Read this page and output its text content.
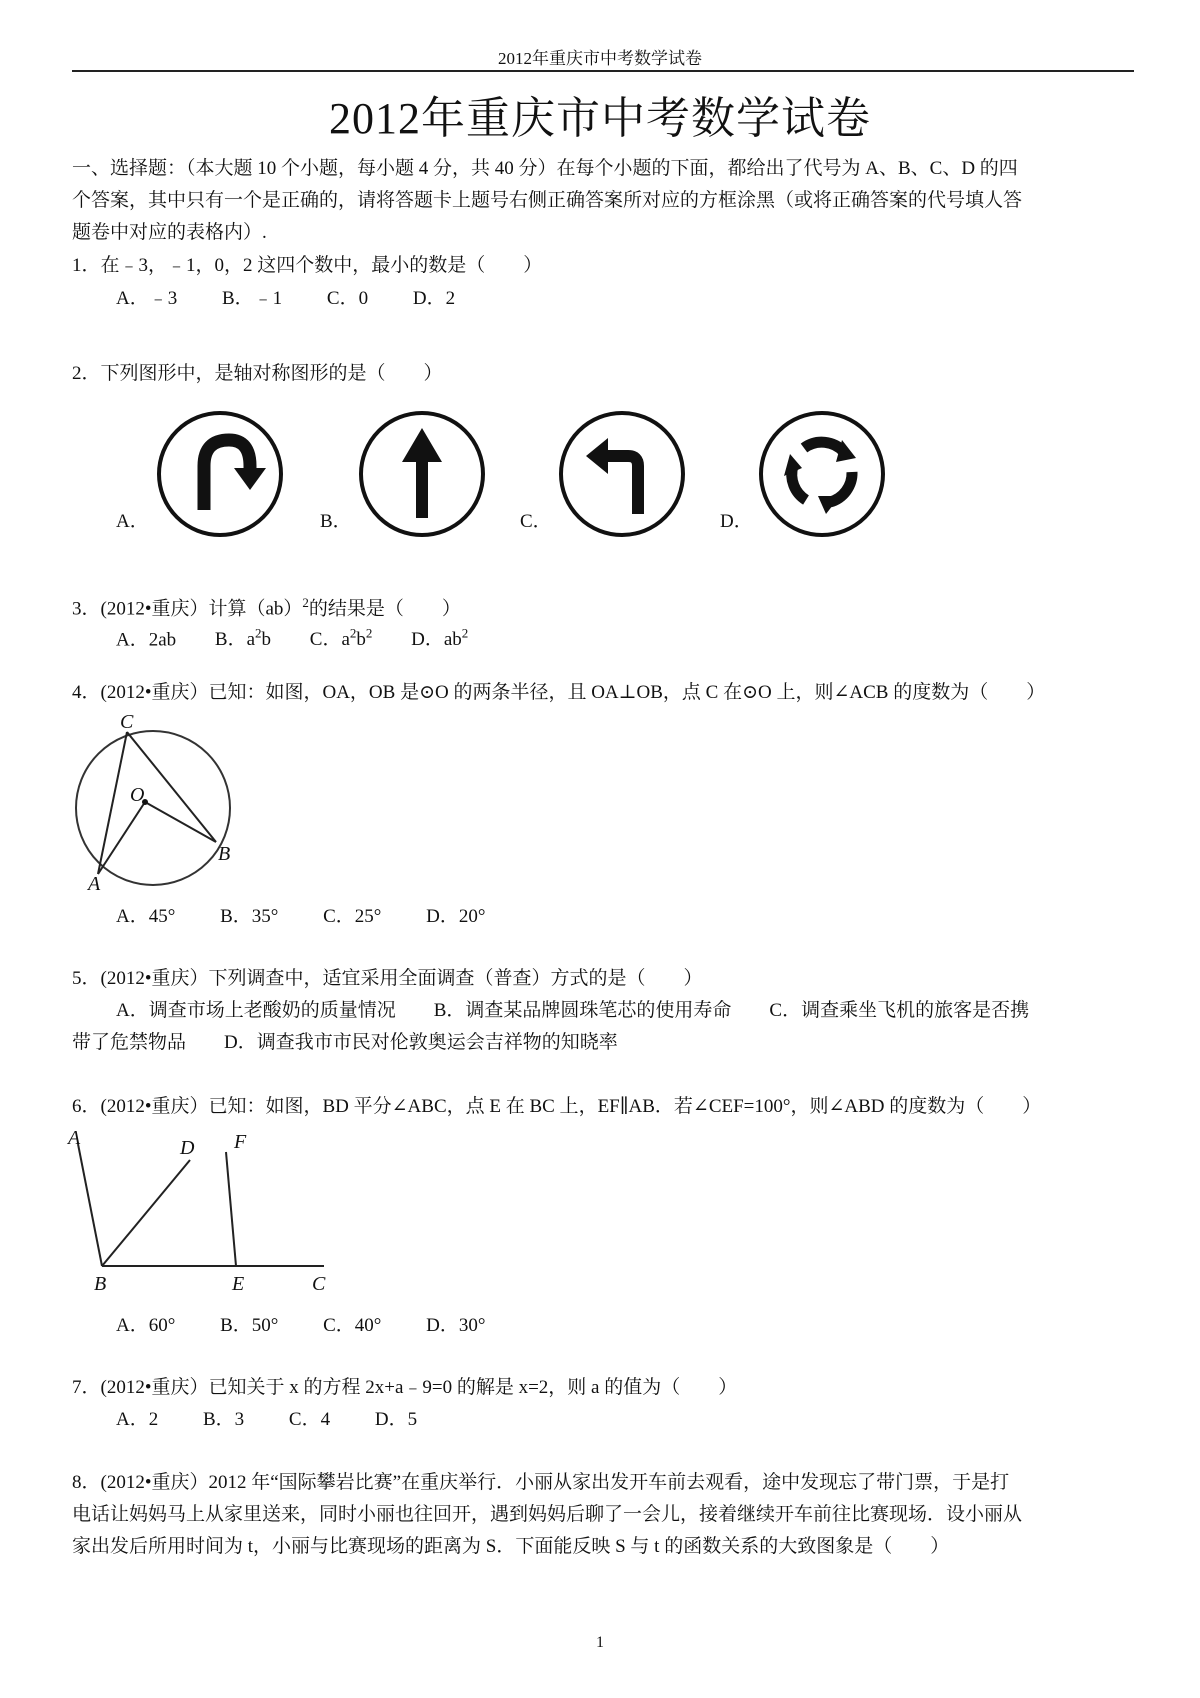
2012年重庆市中考数学试卷
2012年重庆市中考数学试卷
一、选择题：（本大题 10 个小题，每小题 4 分，共 40 分）在每个小题的下面，都给出了代号为 A、B、C、D 的四
个答案，其中只有一个是正确的，请将答题卡上题号右侧正确答案所对应的方框涂黑（或将正确答案的代号填人答
题卷中对应的表格内）.
1．在﹣3，﹣1，0，2 这四个数中，最小的数是（　　）
A．﹣3 B．﹣1 C．0 D．2
2．下列图形中，是轴对称图形的是（　　）
A．	B．	C．	D．
3．(2012•重庆）计算（ab）$^2$的结果是（　　）
A．2ab B．$a^2b$ C．$a^2b^2$ D．$ab^2$
4．(2012•重庆）已知：如图，OA，OB 是⊙O 的两条半径，且 OA⊥OB，点 C 在⊙O 上，则∠ACB 的度数为（　　）
C
O
A
B
A．45° B．35° C．25° D．20°
5．(2012•重庆）下列调查中，适宜采用全面调查（普查）方式的是（　　）
A．调查市场上老酸奶的质量情况　　B．调查某品牌圆珠笔芯的使用寿命　　C．调查乘坐飞机的旅客是否携
带了危禁物品　　D．调查我市市民对伦敦奥运会吉祥物的知晓率
6．(2012•重庆）已知：如图，BD 平分∠ABC，点 E 在 BC 上，EF∥AB．若∠CEF=100°，则∠ABD 的度数为（　　）
A	D F
B	E	C
A．60° B．50° C．40° D．30°
7．(2012•重庆）已知关于 x 的方程 2x+a﹣9=0 的解是 x=2，则 a 的值为（　　）
A．2 B．3 C．4 D．5
8．(2012•重庆）2012 年“国际攀岩比赛”在重庆举行．小丽从家出发开车前去观看，途中发现忘了带门票，于是打
电话让妈妈马上从家里送来，同时小丽也往回开，遇到妈妈后聊了一会儿，接着继续开车前往比赛现场．设小丽从
家出发后所用时间为 t，小丽与比赛现场的距离为 S．下面能反映 S 与 t 的函数关系的大致图象是（　　）
1
